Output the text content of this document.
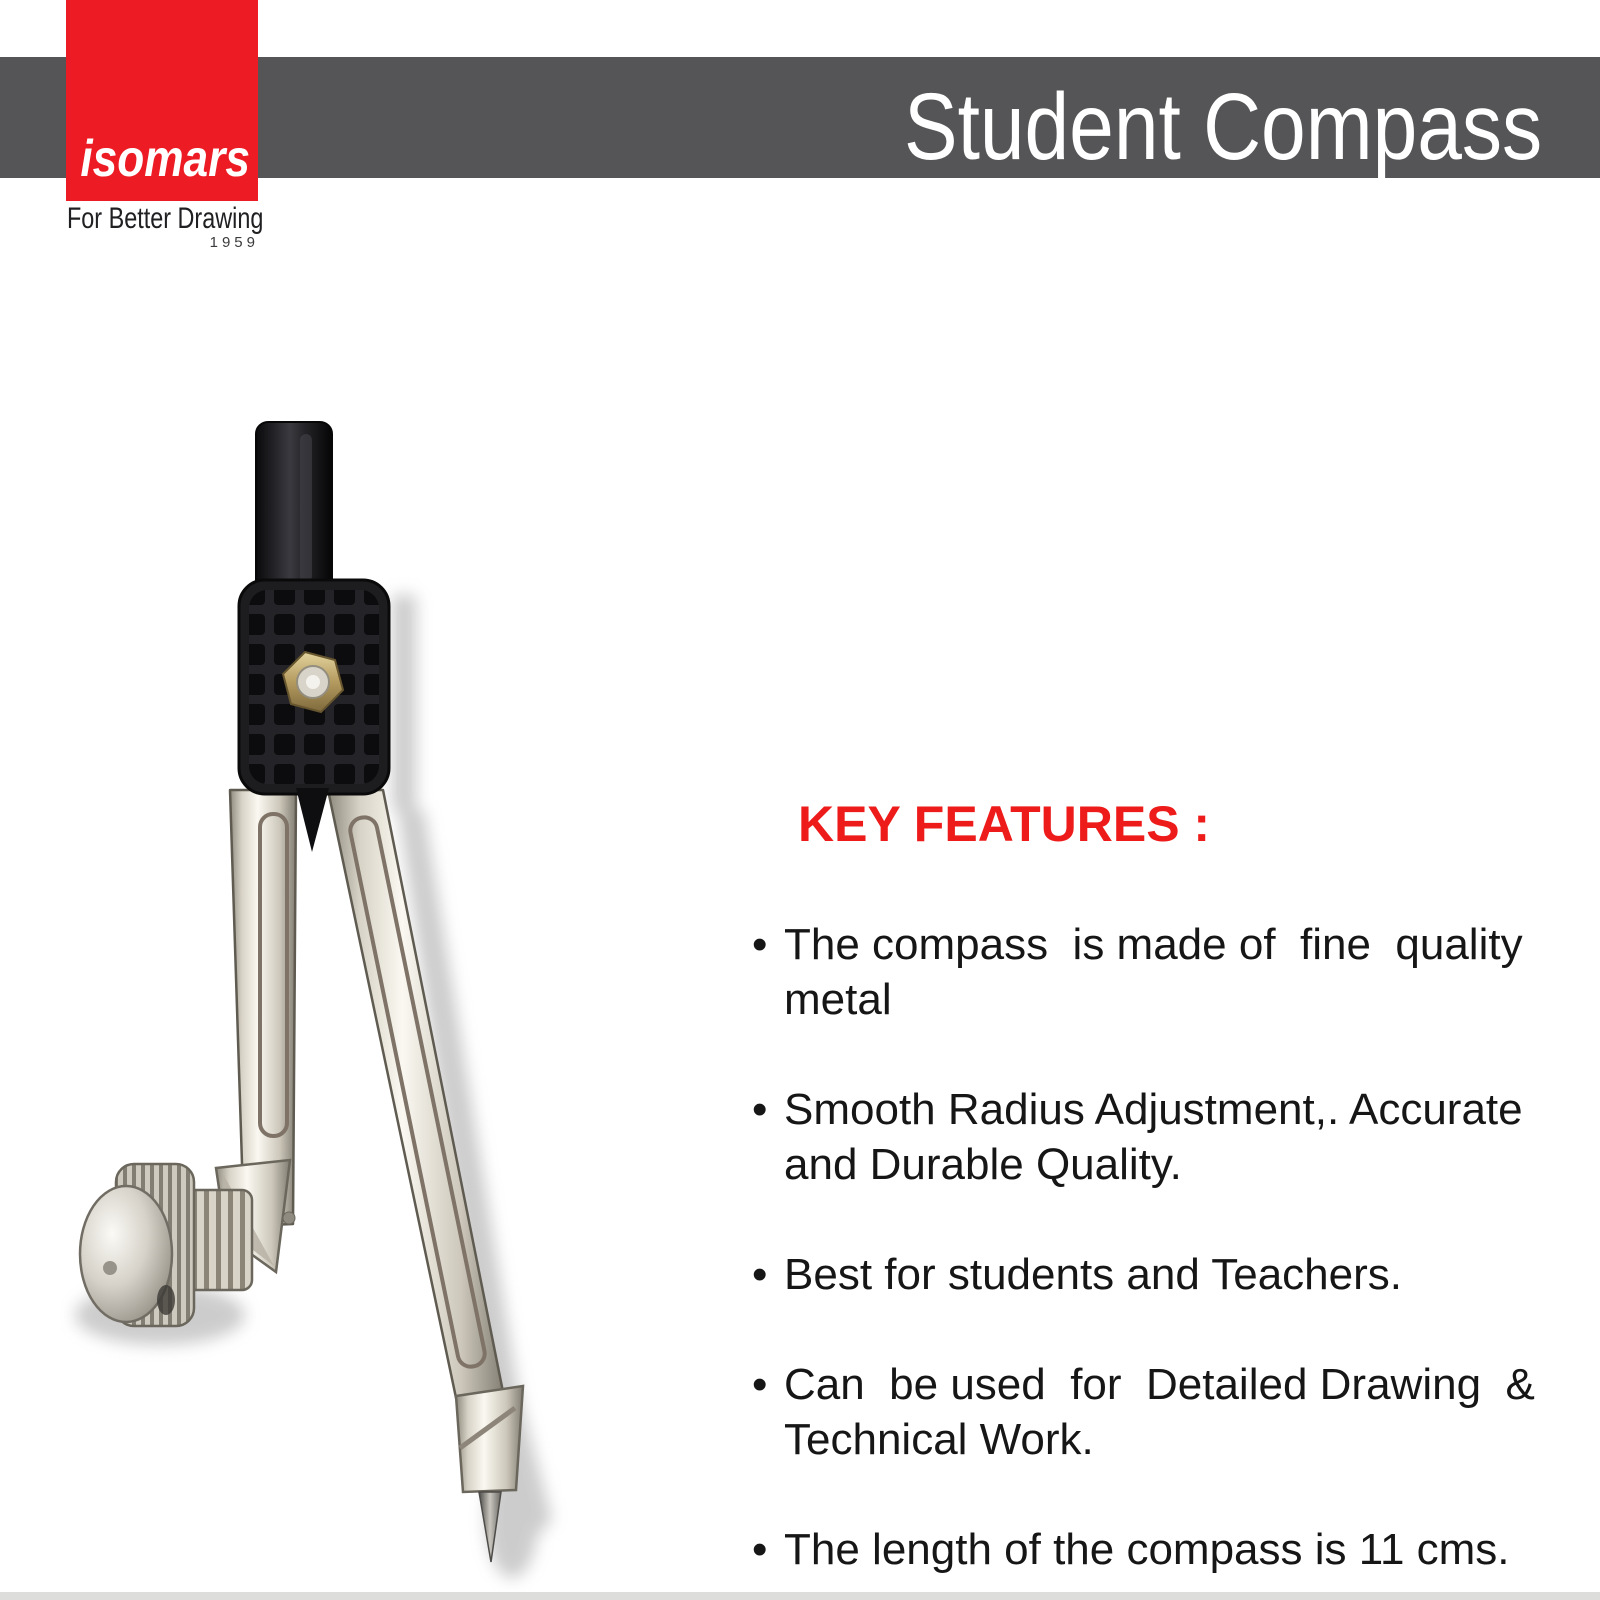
Student Compass
isomars
For Better Drawing
1959
KEY FEATURES :
• The compass  is made of  fine  quality
metal
• Smooth Radius Adjustment,. Accurate
and Durable Quality.
• Best for students and Teachers.
• Can  be used  for  Detailed Drawing  &
Technical Work.
• The length of the compass is 11 cms.
